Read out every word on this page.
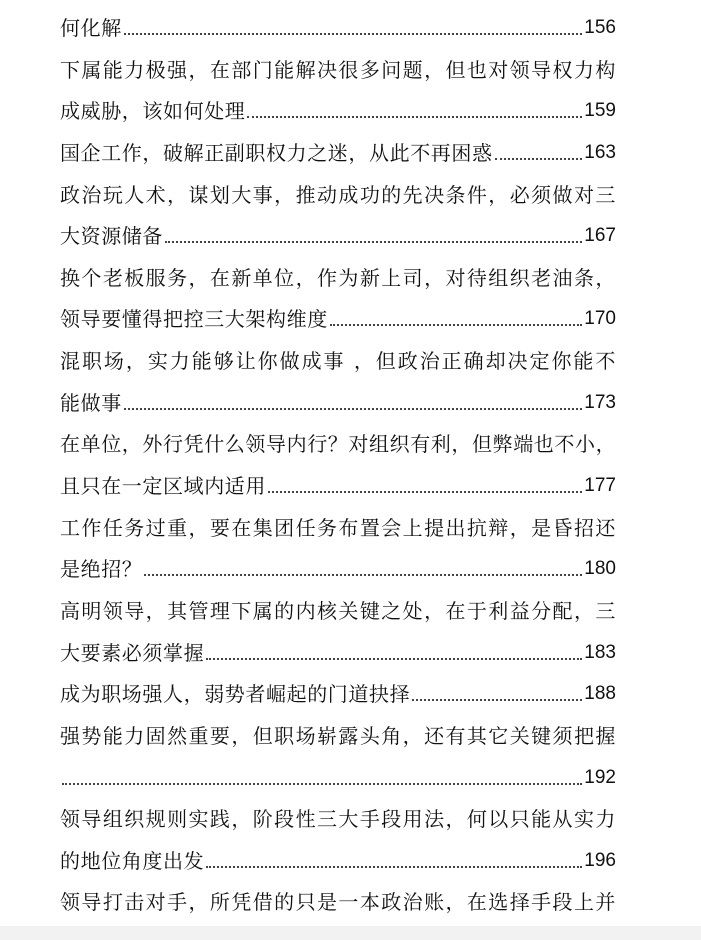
何化解	156
下属能力极强，在部门能解决很多问题，但也对领导权力构
成威胁，该如何处理	159
国企工作，破解正副职权力之迷，从此不再困惑	163
政治玩人术，谋划大事，推动成功的先决条件，必须做对三
大资源储备	167
换个老板服务，在新单位，作为新上司，对待组织老油条，
领导要懂得把控三大架构维度	170
混职场，实力能够让你做成事 ，但政治正确却决定你能不
能做事	173
在单位，外行凭什么领导内行？对组织有利，但弊端也不小，
且只在一定区域内适用	177
工作任务过重，要在集团任务布置会上提出抗辩，是昏招还
是绝招？	180
高明领导，其管理下属的内核关键之处，在于利益分配，三
大要素必须掌握	183
成为职场强人，弱势者崛起的门道抉择	188
强势能力固然重要，但职场崭露头角，还有其它关键须把握
192
领导组织规则实践，阶段性三大手段用法，何以只能从实力
的地位角度出发	196
领导打击对手，所凭借的只是一本政治账，在选择手段上并
